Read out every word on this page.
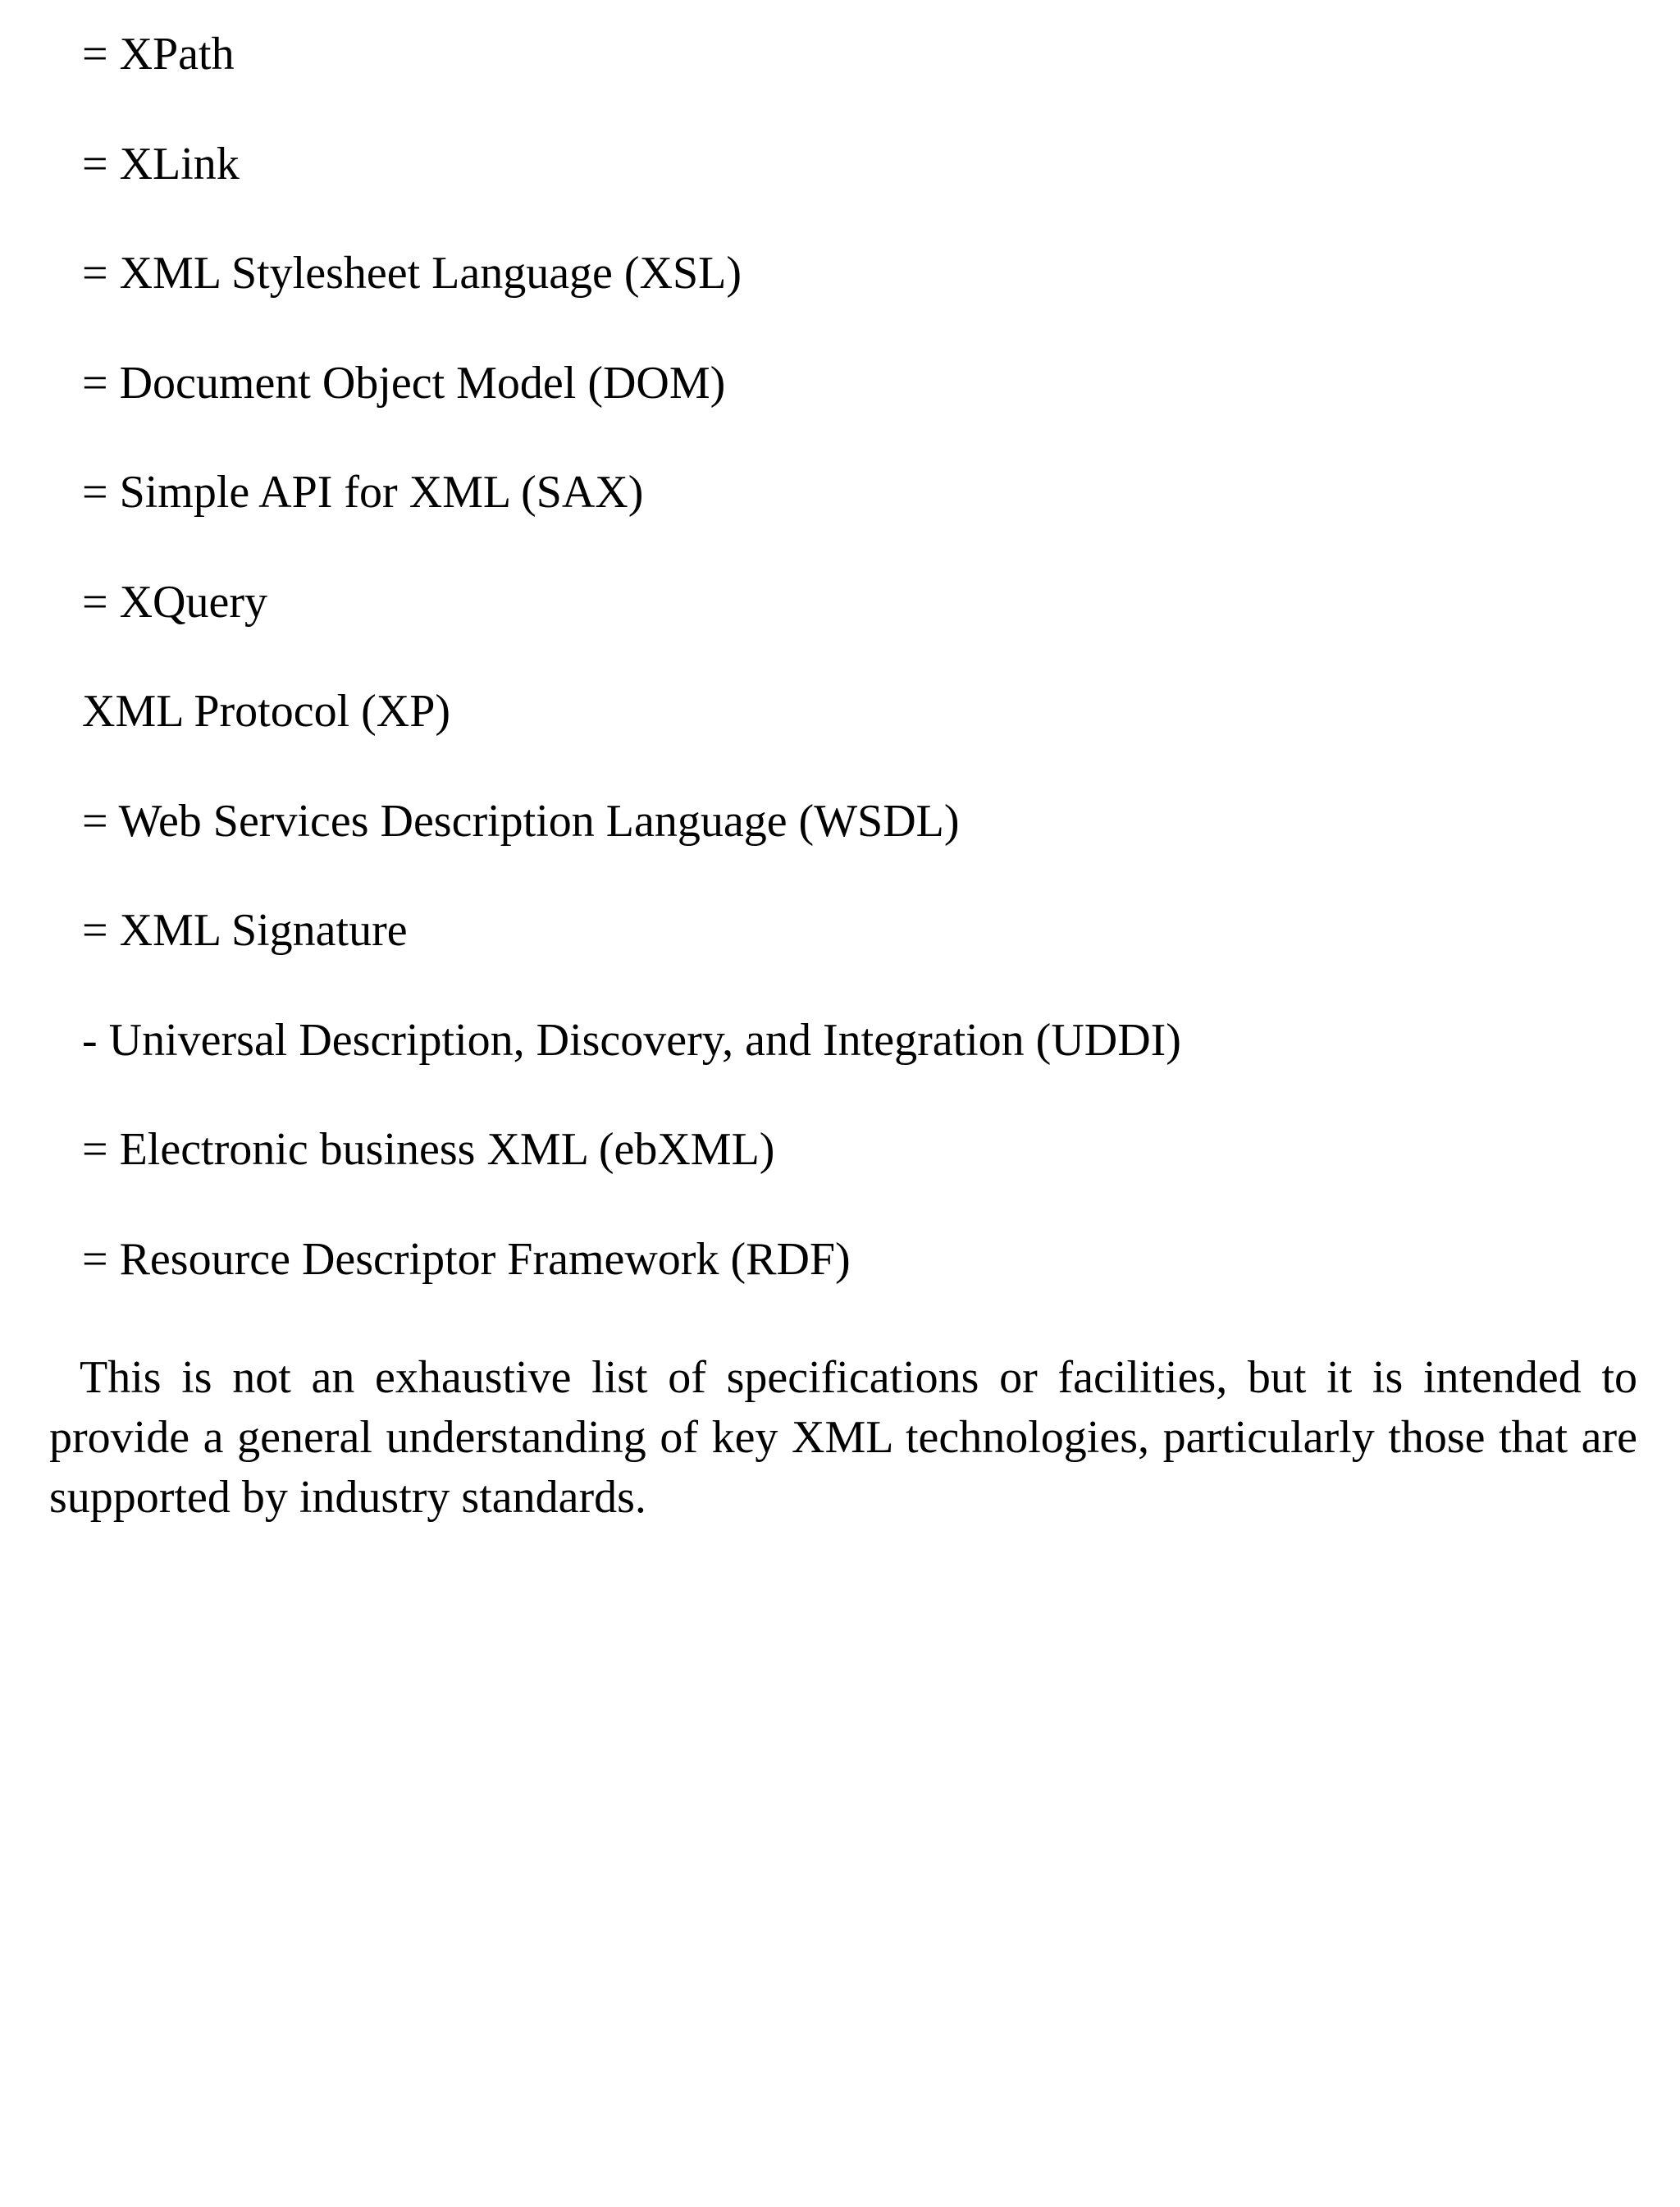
= XPath
= XLink
= XML Stylesheet Language (XSL)
= Document Object Model (DOM)
= Simple API for XML (SAX)
= XQuery
XML Protocol (XP)
= Web Services Description Language (WSDL)
= XML Signature
- Universal Description, Discovery, and Integration (UDDI)
= Electronic business XML (ebXML)
= Resource Descriptor Framework (RDF)

This is not an exhaustive list of specifications or facilities, but it is intended to provide a general understanding of key XML technologies, particularly those that are supported by industry standards.
